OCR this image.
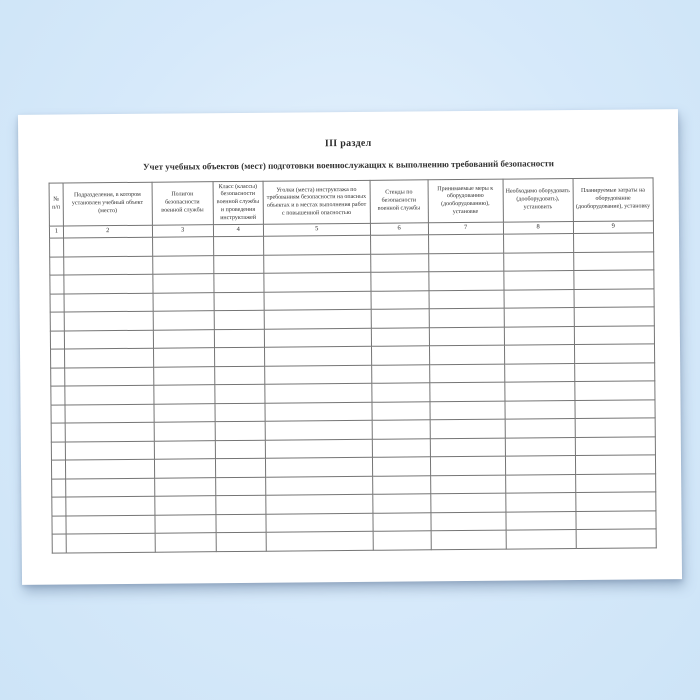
III раздел
Учет учебных объектов (мест) подготовки военнослужащих к выполнению требований безопасности
№ п/п	Подразделения, в котором установлен учебный объект (место)	Полигон безопасности военной службы	Класс (классы) безопасности военной службы и проведения инструктажей	Уголки (места) инструктажа по требованиям безопасности на опасных объектах и в местах выполнения работ с повышенной опасностью	Стенды по безопасности военной службы	Принимаемые меры к оборудованию (дооборудованию), установке	Необходимо оборудовать (дооборудовать), установить	Планируемые затраты на оборудование (дооборудование), установку
1	2	3	4	5	6	7	8	9
